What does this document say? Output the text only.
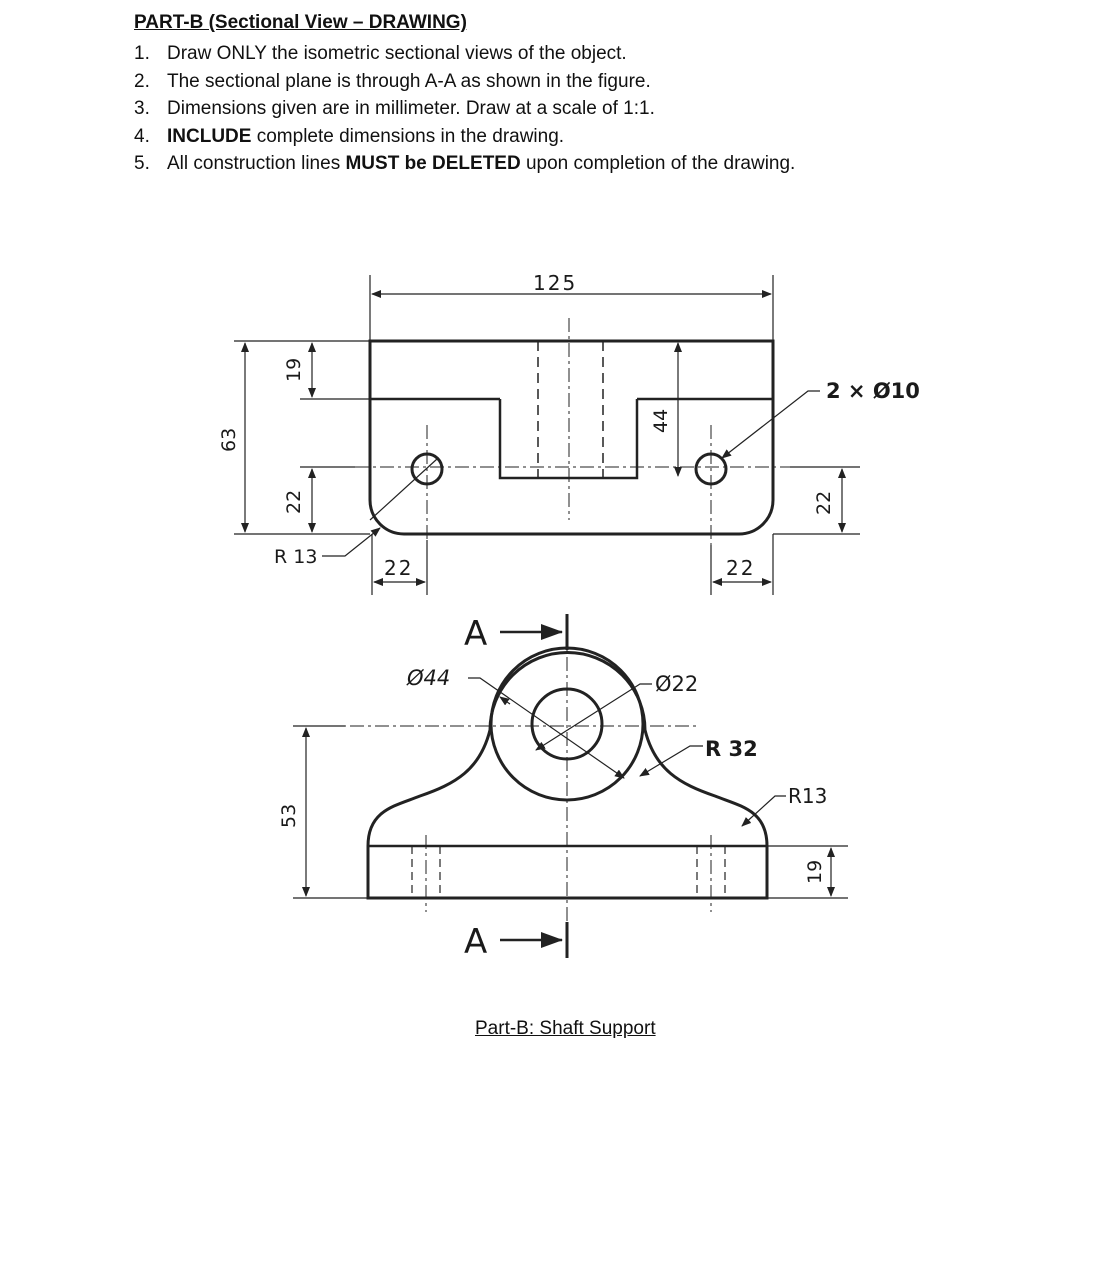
PART-B (Sectional View – DRAWING)
1. Draw ONLY the isometric sectional views of the object.
2. The sectional plane is through A-A as shown in the figure.
3. Dimensions given are in millimeter. Draw at a scale of 1:1.
4. INCLUDE complete dimensions in the drawing.
5. All construction lines MUST be DELETED upon completion of the drawing.
125
63
19
22
44
22
2 × Ø10
R 13	22	22
A
A
Ø44	Ø22
R 32
R13
53
19

Part-B: Shaft Support
